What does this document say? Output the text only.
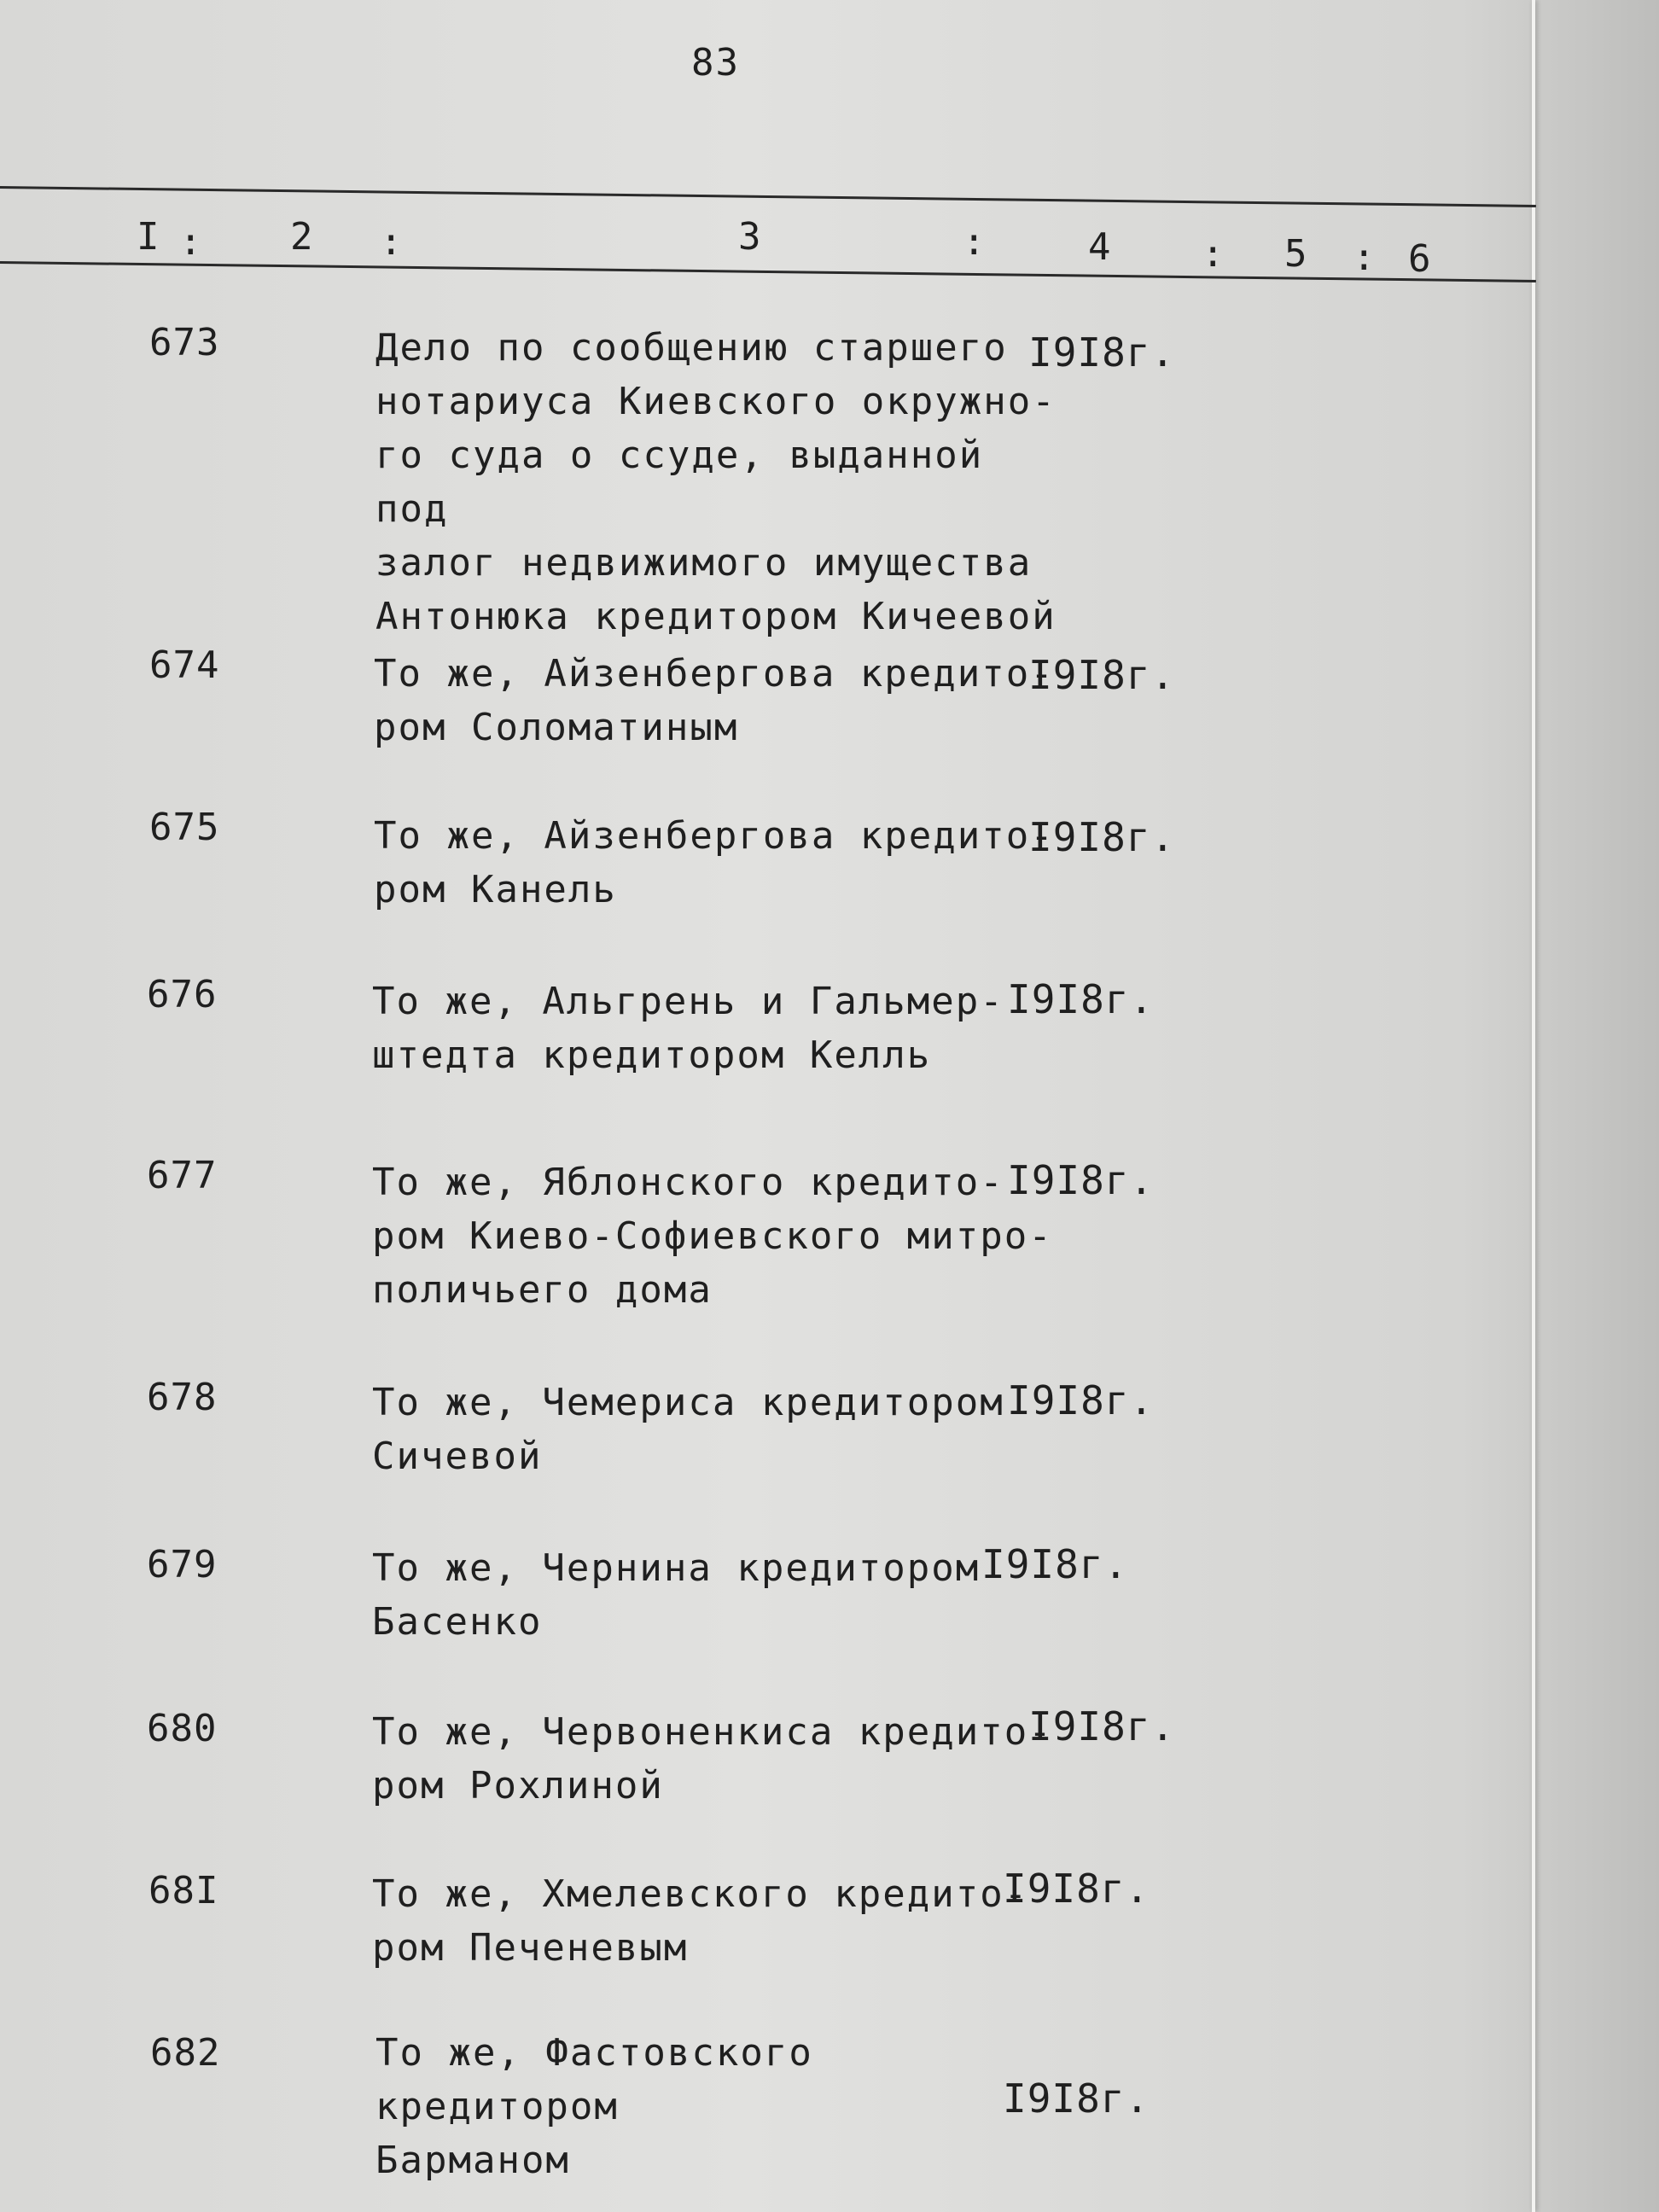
83
I : 2 :	3	:	4 : 5 : 6
673	Дело по сообщению старшего
нотариуса Киевского окружно-
го суда о ссуде, выданной под
залог недвижимого имущества
Антонюка кредитором Кичеевой
I9I8г.
674	То же, Айзенбергова кредито-
ром Соломатиным
I9I8г.
675	То же, Айзенбергова кредито-
ром Канель
I9I8г.
676	То же, Альгрень и Гальмер-
штедта кредитором Келль
I9I8г.
677	То же, Яблонского кредито-
ром Киево-Софиевского митро-
поличьего дома
I9I8г.
678	То же, Чемериса кредитором
Сичевой
I9I8г.
679	То же, Чернина кредитором
Басенко
I9I8г.
680	То же, Червоненкиса кредито-
ром Рохлиной
I9I8г.
68I	То же, Хмелевского кредито-
ром Печеневым
I9I8г.
682	То же, Фастовского кредитором
Барманом
I9I8г.
